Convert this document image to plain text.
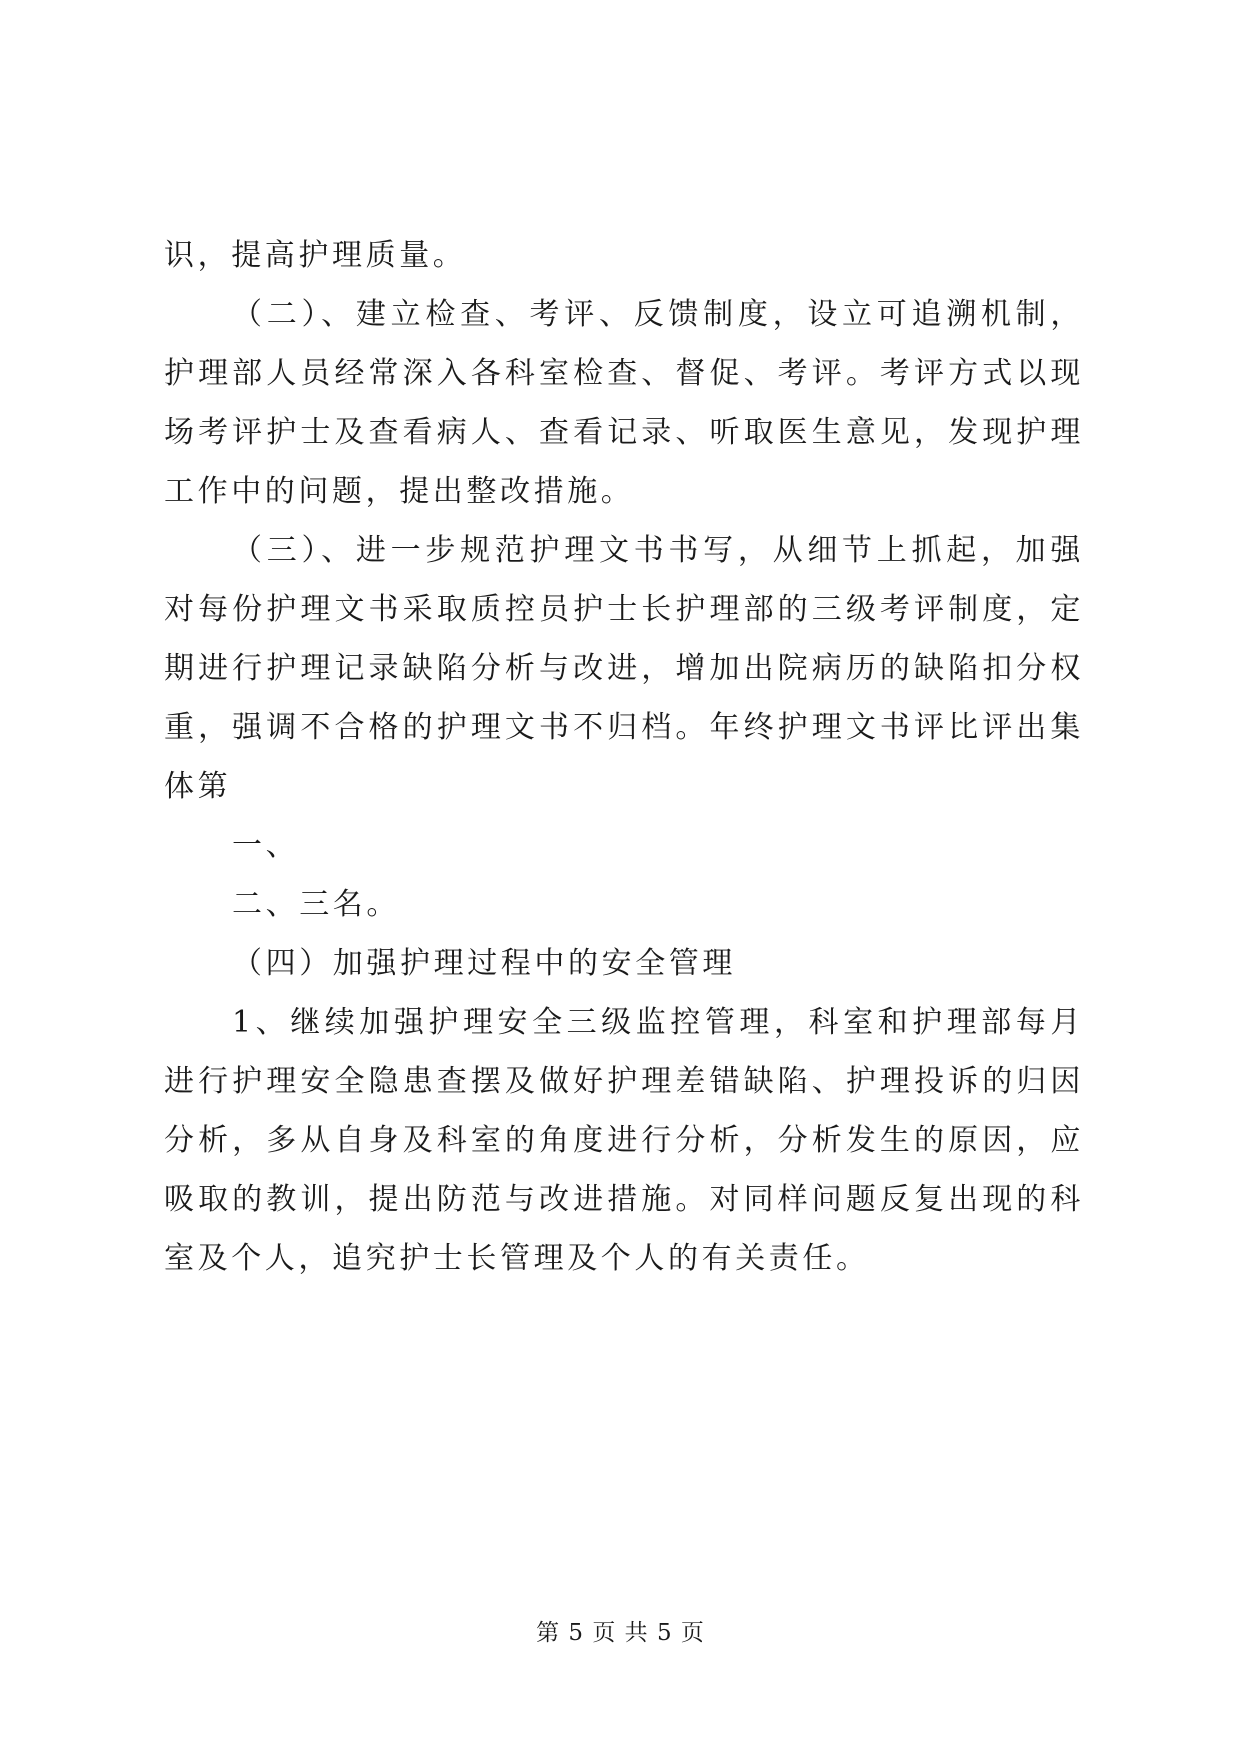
识，提高护理质量。

（二）、建立检查、考评、反馈制度，设立可追溯机制，护理部人员经常深入各科室检查、督促、考评。考评方式以现场考评护士及查看病人、查看记录、听取医生意见，发现护理工作中的问题，提出整改措施。

（三）、进一步规范护理文书书写，从细节上抓起，加强对每份护理文书采取质控员护士长护理部的三级考评制度，定期进行护理记录缺陷分析与改进，增加出院病历的缺陷扣分权重，强调不合格的护理文书不归档。年终护理文书评比评出集体第

一、

二、三名。

（四）加强护理过程中的安全管理

1、继续加强护理安全三级监控管理，科室和护理部每月进行护理安全隐患查摆及做好护理差错缺陷、护理投诉的归因分析，多从自身及科室的角度进行分析，分析发生的原因，应吸取的教训，提出防范与改进措施。对同样问题反复出现的科室及个人，追究护士长管理及个人的有关责任。

第 5 页 共 5 页
